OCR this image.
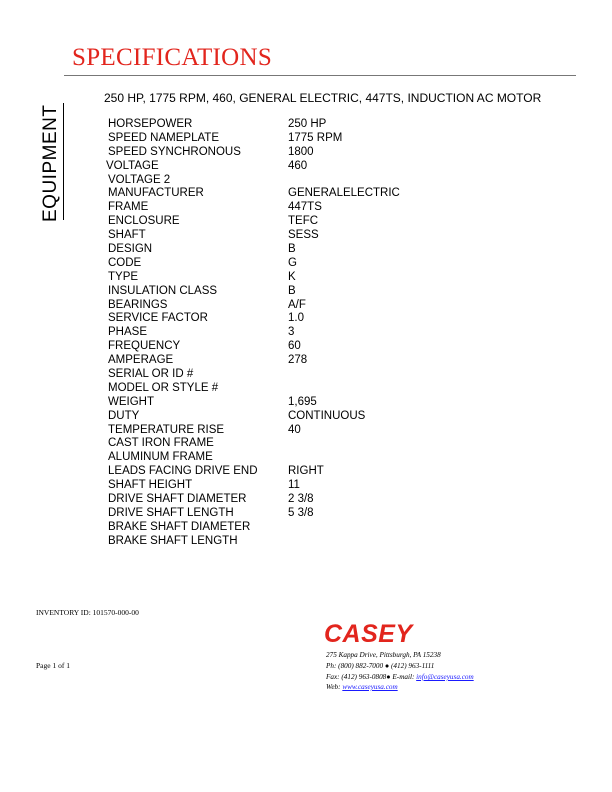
SPECIFICATIONS
EQUIPMENT
250 HP, 1775 RPM, 460, GENERAL ELECTRIC, 447TS, INDUCTION AC MOTOR
HORSEPOWER	250 HP
SPEED NAMEPLATE	1775 RPM
SPEED SYNCHRONOUS	1800
VOLTAGE	460
VOLTAGE 2
MANUFACTURER	GENERALELECTRIC
FRAME	447TS
ENCLOSURE	TEFC
SHAFT	SESS
DESIGN	B
CODE	G
TYPE	K
INSULATION CLASS	B
BEARINGS	A/F
SERVICE FACTOR	1.0
PHASE	3
FREQUENCY	60
AMPERAGE	278
SERIAL OR ID #
MODEL OR STYLE #
WEIGHT	1,695
DUTY	CONTINUOUS
TEMPERATURE RISE	40
CAST IRON FRAME
ALUMINUM FRAME
LEADS FACING DRIVE END	RIGHT
SHAFT HEIGHT	11
DRIVE SHAFT DIAMETER	2 3/8
DRIVE SHAFT LENGTH	5 3/8
BRAKE SHAFT DIAMETER
BRAKE SHAFT LENGTH
INVENTORY ID: 101570-000-00
Page 1 of 1
CASEY
275 Kappa Drive, Pittsburgh, PA 15238
Ph: (800) 882-7000 ● (412) 963-1111
Fax: (412) 963-0808● E-mail: info@caseyusa.com
Web: www.caseyusa.com
